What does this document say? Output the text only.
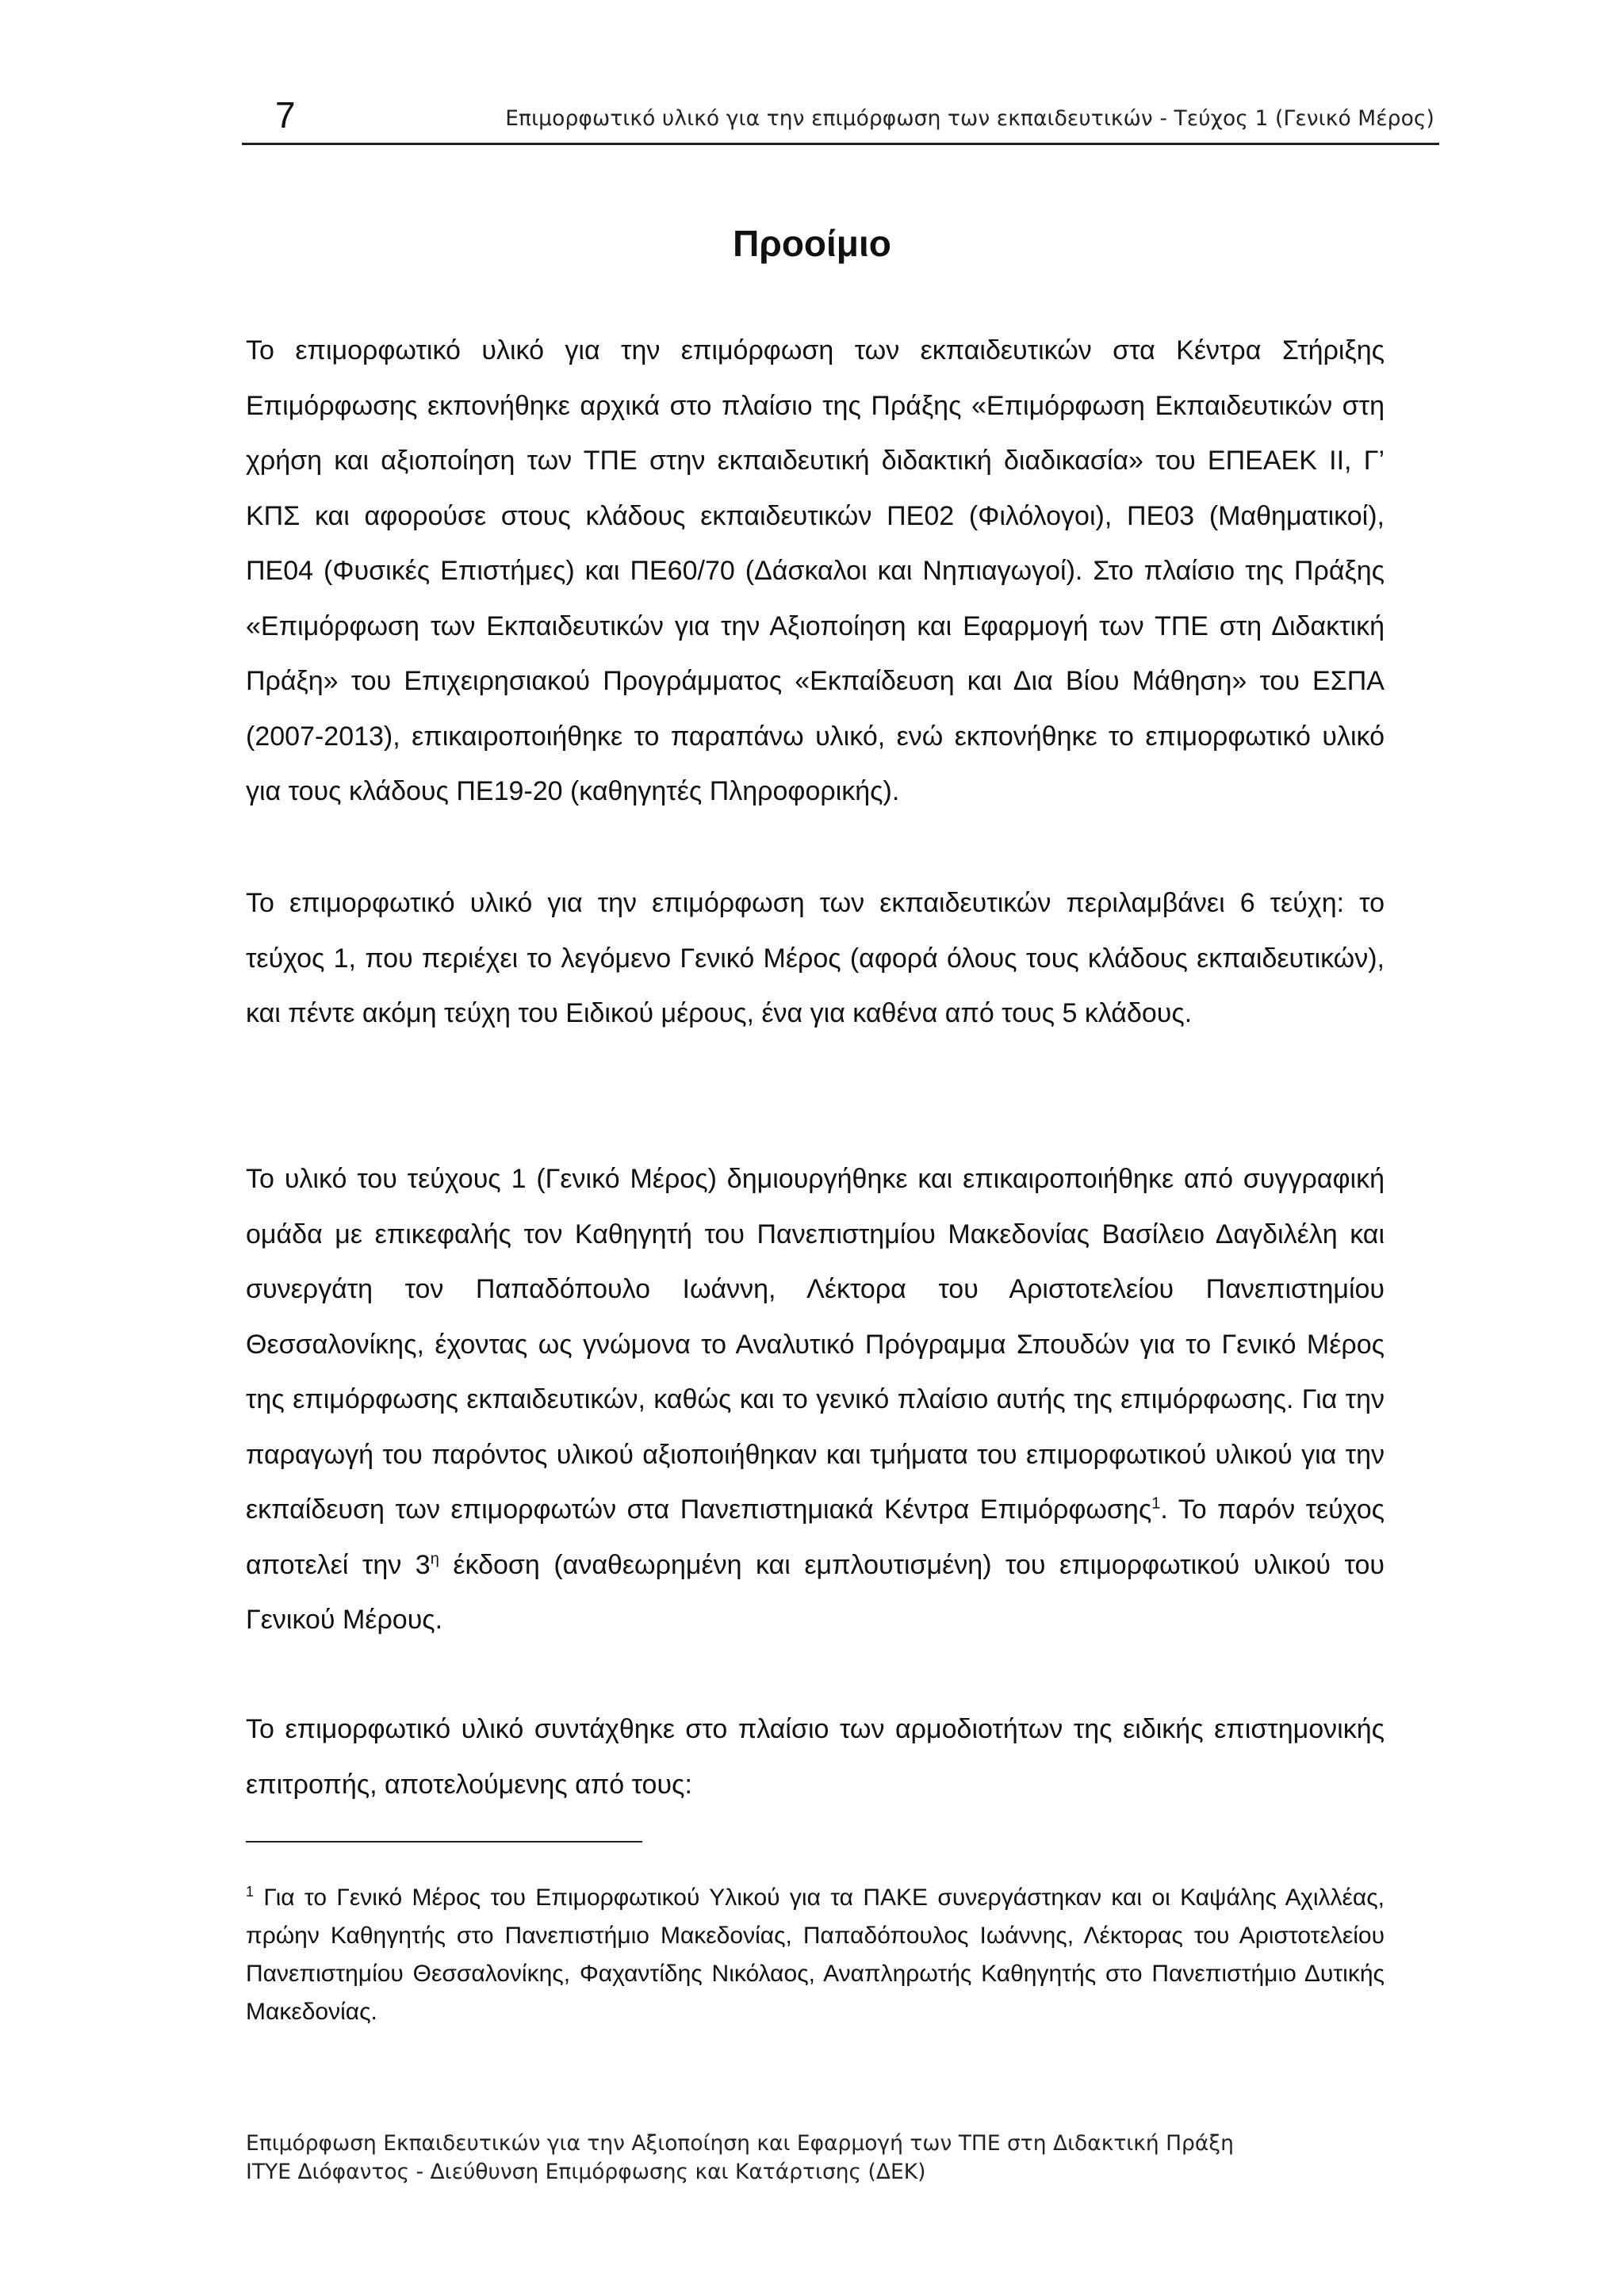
7	Επιμορφωτικό υλικό για την επιμόρφωση των εκπαιδευτικών - Τεύχος 1 (Γενικό Μέρος)
Προοίμιο

Το επιμορφωτικό υλικό για την επιμόρφωση των εκπαιδευτικών στα Κέντρα Στήριξης Επιμόρφωσης εκπονήθηκε αρχικά στο πλαίσιο της Πράξης «Επιμόρφωση Εκπαιδευτικών στη χρήση και αξιοποίηση των ΤΠΕ στην εκπαιδευτική διδακτική διαδικασία» του ΕΠΕΑΕΚ ΙΙ, Γ’ ΚΠΣ και αφορούσε στους κλάδους εκπαιδευτικών ΠΕ02 (Φιλόλογοι), ΠΕ03 (Μαθηματικοί), ΠΕ04 (Φυσικές Επιστήμες) και ΠΕ60/70 (Δάσκαλοι και Νηπιαγωγοί). Στο πλαίσιο της Πράξης «Επιμόρφωση των Εκπαιδευτικών για την Αξιοποίηση και Εφαρμογή των ΤΠΕ στη Διδακτική Πράξη» του Επιχειρησιακού Προγράμματος «Εκπαίδευση και Δια Βίου Μάθηση» του ΕΣΠΑ (2007-2013), επικαιροποιήθηκε το παραπάνω υλικό, ενώ εκπονήθηκε το επιμορφωτικό υλικό για τους κλάδους ΠΕ19-20 (καθηγητές Πληροφορικής).

Το επιμορφωτικό υλικό για την επιμόρφωση των εκπαιδευτικών περιλαμβάνει 6 τεύχη: το τεύχος 1, που περιέχει το λεγόμενο Γενικό Μέρος (αφορά όλους τους κλάδους εκπαιδευτικών), και πέντε ακόμη τεύχη του Ειδικού μέρους, ένα για καθένα από τους 5 κλάδους.

Το υλικό του τεύχους 1 (Γενικό Μέρος) δημιουργήθηκε και επικαιροποιήθηκε από συγγραφική ομάδα με επικεφαλής τον Καθηγητή του Πανεπιστημίου Μακεδονίας Βασίλειο Δαγδιλέλη και συνεργάτη τον Παπαδόπουλο Ιωάννη, Λέκτορα του Αριστοτελείου Πανεπιστημίου Θεσσαλονίκης, έχοντας ως γνώμονα το Αναλυτικό Πρόγραμμα Σπουδών για το Γενικό Μέρος της επιμόρφωσης εκπαιδευτικών, καθώς και το γενικό πλαίσιο αυτής της επιμόρφωσης. Για την παραγωγή του παρόντος υλικού αξιοποιήθηκαν και τμήματα του επιμορφωτικού υλικού για την εκπαίδευση των επιμορφωτών στα Πανεπιστημιακά Κέντρα Επιμόρφωσης$^1$. Το παρόν τεύχος αποτελεί την $3^\eta$ έκδοση (αναθεωρημένη και εμπλουτισμένη) του επιμορφωτικού υλικού του Γενικού Μέρους.

Το επιμορφωτικό υλικό συντάχθηκε στο πλαίσιο των αρμοδιοτήτων της ειδικής επιστημονικής επιτροπής, αποτελούμενης από τους:

$^1$ Για το Γενικό Μέρος του Επιμορφωτικού Υλικού για τα ΠΑΚΕ συνεργάστηκαν και οι Καψάλης Αχιλλέας, πρώην Καθηγητής στο Πανεπιστήμιο Μακεδονίας, Παπαδόπουλος Ιωάννης, Λέκτορας του Αριστοτελείου Πανεπιστημίου Θεσσαλονίκης, Φαχαντίδης Νικόλαος, Αναπληρωτής Καθηγητής στο Πανεπιστήμιο Δυτικής Μακεδονίας.

Επιμόρφωση Εκπαιδευτικών για την Αξιοποίηση και Εφαρμογή των ΤΠΕ στη Διδακτική Πράξη
ΙΤΥΕ Διόφαντος - Διεύθυνση Επιμόρφωσης και Κατάρτισης (ΔΕΚ)
